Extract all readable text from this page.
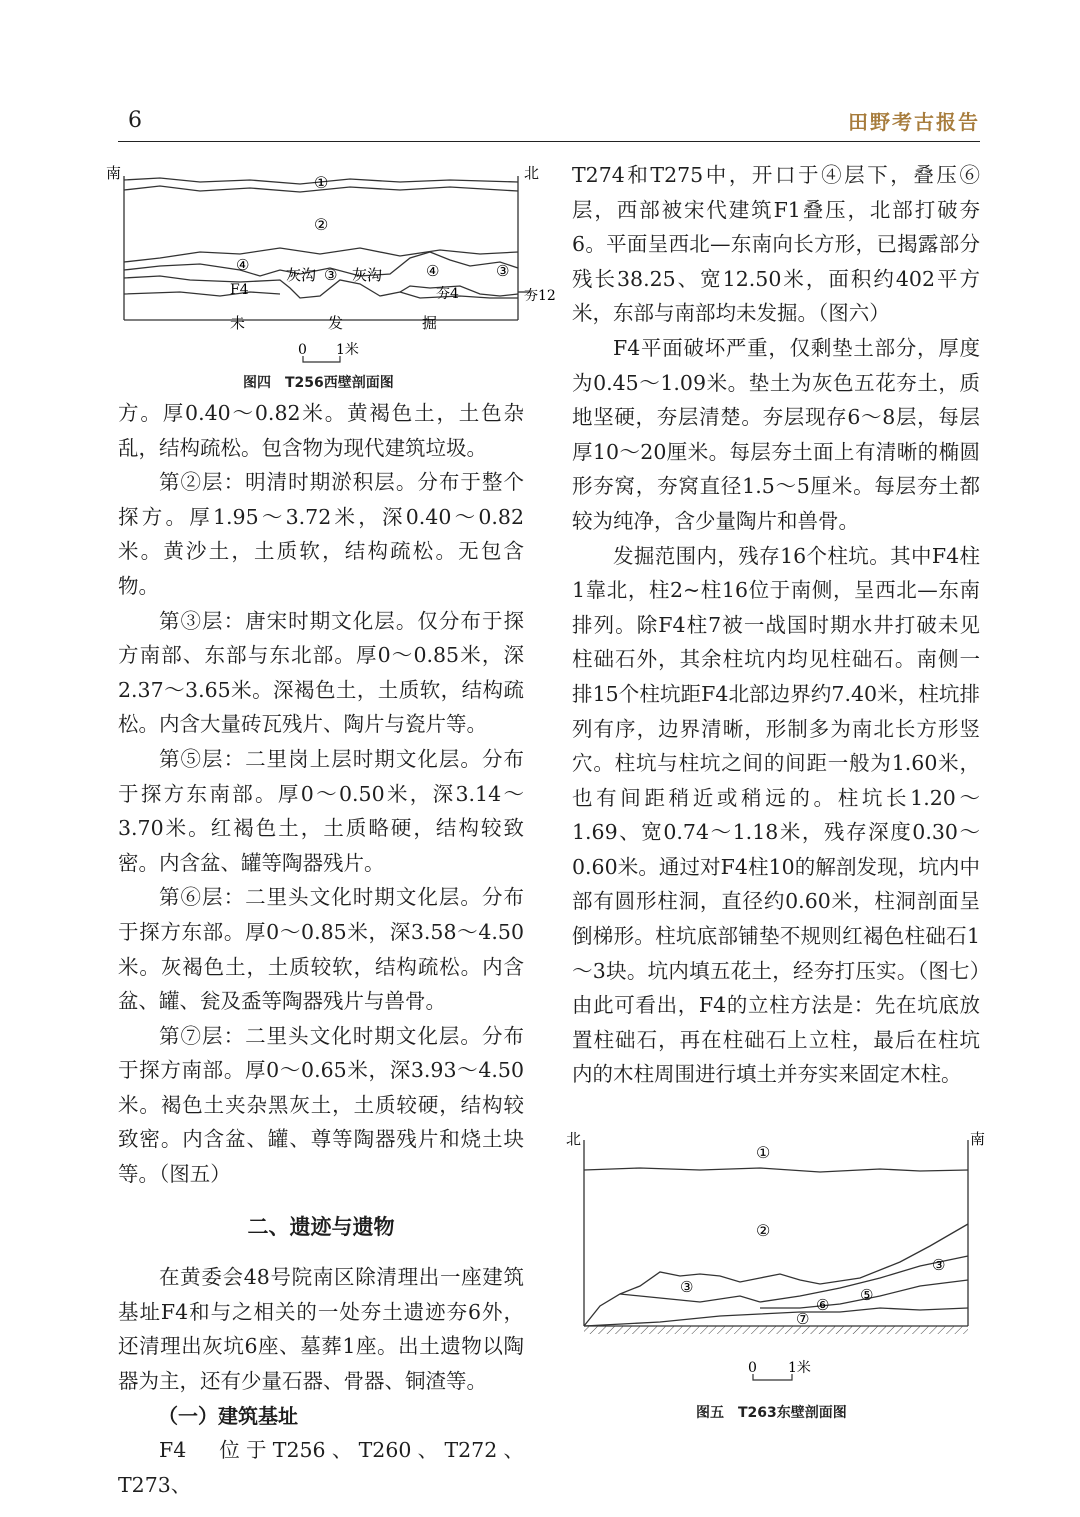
6	田野考古报告
南	北
①
②
④
灰沟 ③ 灰沟	④	③
F4	夯4	夯12
未	发	掘
0 1米
图四　T256西壁剖面图

方。厚0.40～0.82米。黄褐色土，土色杂乱，结构疏松。包含物为现代建筑垃圾。

第②层：明清时期淤积层。分布于整个探方。厚1.95～3.72米，深0.40～0.82米。黄沙土，土质软，结构疏松。无包含物。

第③层：唐宋时期文化层。仅分布于探方南部、东部与东北部。厚0～0.85米，深2.37～3.65米。深褐色土，土质软，结构疏松。内含大量砖瓦残片、陶片与瓷片等。

第⑤层：二里岗上层时期文化层。分布于探方东南部。厚0～0.50米，深3.14～3.70米。红褐色土，土质略硬，结构较致密。内含盆、罐等陶器残片。

第⑥层：二里头文化时期文化层。分布于探方东部。厚0～0.85米，深3.58～4.50米。灰褐色土，土质较软，结构疏松。内含盆、罐、瓮及盉等陶器残片与兽骨。

第⑦层：二里头文化时期文化层。分布于探方南部。厚0～0.65米，深3.93～4.50米。褐色土夹杂黑灰土，土质较硬，结构较致密。内含盆、罐、尊等陶器残片和烧土块等。（图五）

二、遗迹与遗物

在黄委会48号院南区除清理出一座建筑基址F4和与之相关的一处夯土遗迹夯6外，还清理出灰坑6座、墓葬1座。出土遗物以陶器为主，还有少量石器、骨器、铜渣等。

（一）建筑基址

F4　位于T256、T260、T272、T273、

T274和T275中，开口于④层下，叠压⑥层，西部被宋代建筑F1叠压，北部打破夯6。平面呈西北—东南向长方形，已揭露部分残长38.25、宽12.50米，面积约402平方米，东部与南部均未发掘。（图六）

F4平面破坏严重，仅剩垫土部分，厚度为0.45～1.09米。垫土为灰色五花夯土，质地坚硬，夯层清楚。夯层现存6～8层，每层厚10～20厘米。每层夯土面上有清晰的椭圆形夯窝，夯窝直径1.5～5厘米。每层夯土都较为纯净，含少量陶片和兽骨。

发掘范围内，残存16个柱坑。其中F4柱1靠北，柱2~柱16位于南侧，呈西北—东南排列。除F4柱7被一战国时期水井打破未见柱础石外，其余柱坑内均见柱础石。南侧一排15个柱坑距F4北部边界约7.40米，柱坑排列有序，边界清晰，形制多为南北长方形竖穴。柱坑与柱坑之间的间距一般为1.60米，也有间距稍近或稍远的。柱坑长1.20～1.69、宽0.74～1.18米，残存深度0.30～0.60米。通过对F4柱10的解剖发现，坑内中部有圆形柱洞，直径约0.60米，柱洞剖面呈倒梯形。柱坑底部铺垫不规则红褐色柱础石1～3块。坑内填五花土，经夯打压实。（图七）由此可看出，F4的立柱方法是：先在坑底放置柱础石，再在柱础石上立柱，最后在柱坑内的木柱周围进行填土并夯实来固定木柱。

北	南
①
②
③
③
⑤
⑥
⑦
0 1米
图五　T263东壁剖面图
